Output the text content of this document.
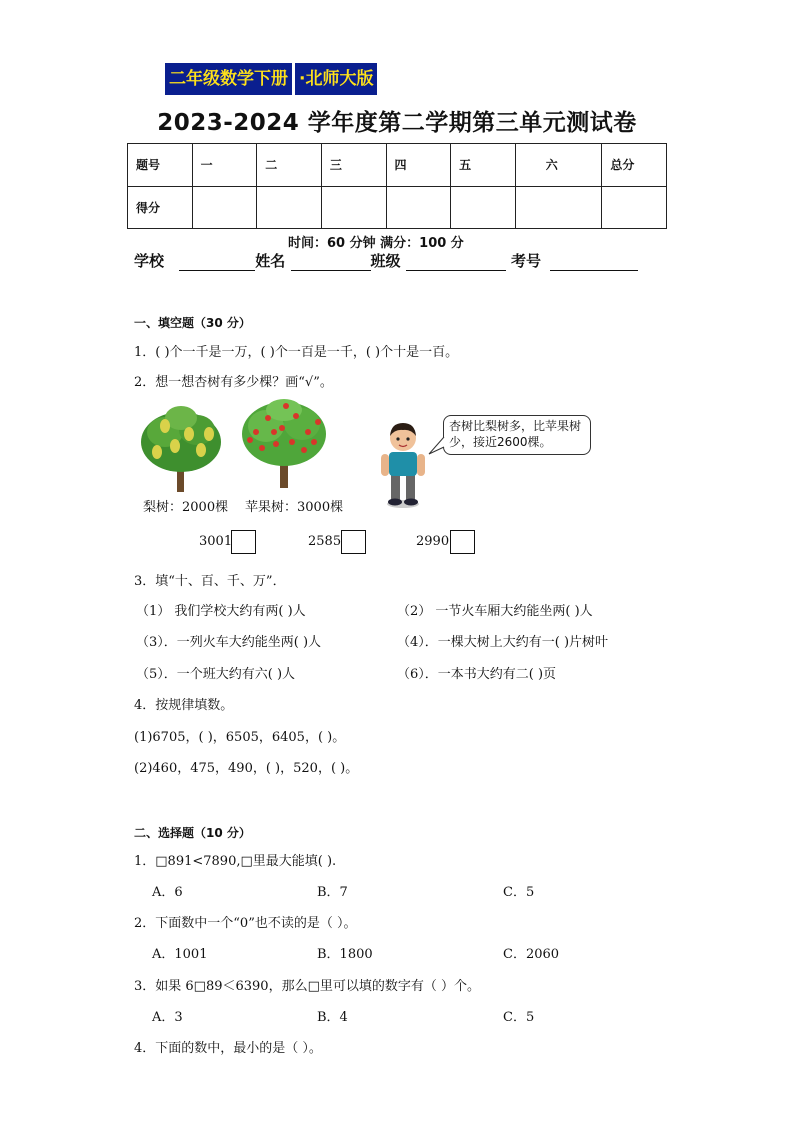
二年级数学下册 ·北师大版
2023-2024 学年度第二学期第三单元测试卷
题号	一	二	三	四	五	六	总分
得分							
时间：60 分钟 满分：100 分
学校	姓名	班级	考号
一、填空题（30 分）
1．( )个一千是一万，( )个一百是一千，( )个十是一百。
2．想一想杏树有多少棵？画“√”。
梨树：2000棵 苹果树：3000棵
杏树比梨树多，比苹果树少，接近2600棵。
3001	2585	2990
3．填“十、百、千、万”．
（1） 我们学校大约有两( )人	（2） 一节火车厢大约能坐两( )人
（3）．一列火车大约能坐两( )人	（4）．一棵大树上大约有一( )片树叶
（5）．一个班大约有六( )人	（6）．一本书大约有二( )页
4．按规律填数。
(1)6705，( )，6505，6405，( )。
(2)460，475，490，( )，520，( )。
二、选择题（10 分）
1．□891<7890,□里最大能填( ).
A．6	B．7	C．5
2．下面数中一个“0”也不读的是（ ）。
A．1001	B．1800	C．2060
3．如果 6□89＜6390，那么□里可以填的数字有（ ）个。
A．3	B．4	C．5
4．下面的数中，最小的是（ ）。
